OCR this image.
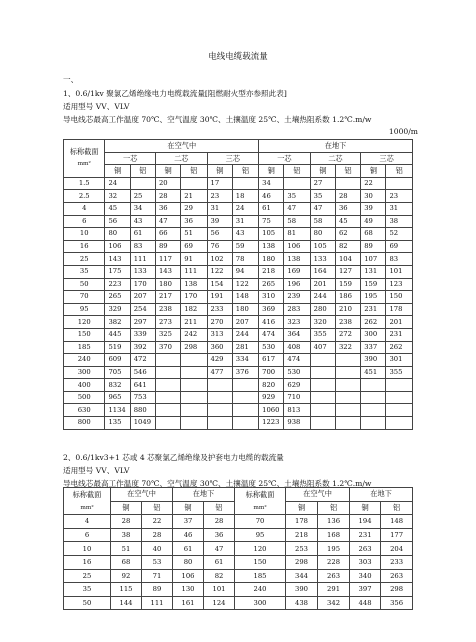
电线电缆载流量
一、
1、0.6/1kv 聚氯乙烯绝缘电力电缆载流量[阻燃耐火型亦参照此表]
适用型号 VV、VLV
导电线芯最高工作温度 70℃、空气温度 30℃、土攘温度 25℃、土壤热阻系数 1.2℃.m/w
1000/m
标称截面
mm²	在空气中						在地下					
	一芯		二芯		三芯		一芯		二芯		三芯	
	铜	铝	铜	铝	铜	铝	铜	铝	铜	铝	铜	铝
1.5	24		20		17		34		27		22	
2.5	32	25	28	21	23	18	46	35	35	28	30	23
4	45	34	36	29	31	24	61	47	47	36	39	31
6	56	43	47	36	39	31	75	58	58	45	49	38
10	80	61	66	51	56	43	105	81	80	62	68	52
16	106	83	89	69	76	59	138	106	105	82	89	69
25	143	111	117	91	102	78	180	138	133	104	107	83
35	175	133	143	111	122	94	218	169	164	127	131	101
50	223	170	180	138	154	122	265	196	201	159	159	123
70	265	207	217	170	191	148	310	239	244	186	195	150
95	329	254	238	182	233	180	369	283	280	210	231	178
120	382	297	273	211	270	207	416	323	320	238	262	201
150	445	339	325	242	313	244	474	364	355	272	300	231
185	519	392	370	298	360	281	530	408	407	322	337	262
240	609	472			429	334	617	474			390	301
300	705	546			477	376	700	530			451	355
400	832	641					820	629				
500	965	753					929	710				
630	1134	880					1060	813				
800	135	1049					1223	938				
2、0.6/1kv3+1 芯或 4 芯聚氯乙烯绝缘及护套电力电缆的载流量
适用型号 VV、VLV
导电线芯最高工作温度 70℃、空气温度 30℃、土攘温度 25℃、土壤热阻系数 1.2℃.m/w
标称截面
mm²	在空气中		在地下		标称截面
mm²	在空气中		在地下	
	铜	铝	铜	铝		铜	铝	铜	铝
4	28	22	37	28	70	178	136	194	148
6	38	28	46	36	95	218	168	231	177
10	51	40	61	47	120	253	195	263	204
16	68	53	80	61	150	298	228	303	233
25	92	71	106	82	185	344	263	340	263
35	115	89	130	101	240	390	291	397	298
50	144	111	161	124	300	438	342	448	356
